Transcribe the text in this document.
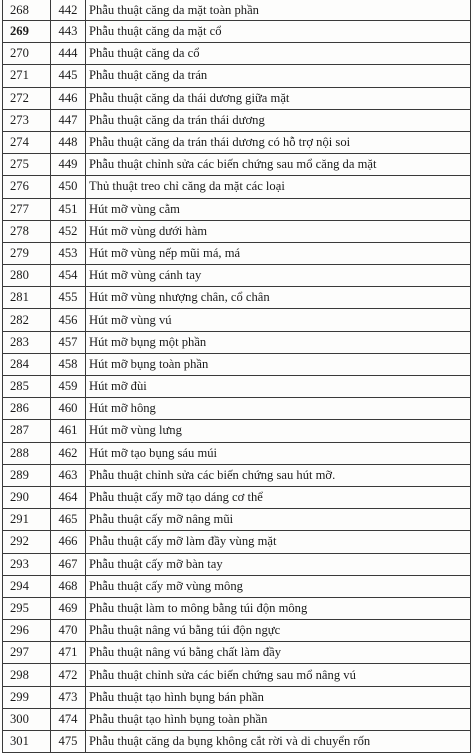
268	442	Phẫu thuật căng da mặt toàn phần
269	443	Phẫu thuật căng da mặt cổ
270	444	Phẫu thuật căng da cổ
271	445	Phẫu thuật căng da trán
272	446	Phẫu thuật căng da thái dương giữa mặt
273	447	Phẫu thuật căng da trán thái dương
274	448	Phẫu thuật căng da trán thái dương có hỗ trợ nội soi
275	449	Phẫu thuật chỉnh sửa các biến chứng sau mổ căng da mặt
276	450	Thủ thuật treo chỉ căng da mặt các loại
277	451	Hút mỡ vùng cằm
278	452	Hút mỡ vùng dưới hàm
279	453	Hút mỡ vùng nếp mũi má, má
280	454	Hút mỡ vùng cánh tay
281	455	Hút mỡ vùng nhượng chân, cổ chân
282	456	Hút mỡ vùng vú
283	457	Hút mỡ bụng một phần
284	458	Hút mỡ bụng toàn phần
285	459	Hút mỡ đùi
286	460	Hút mỡ hông
287	461	Hút mỡ vùng lưng
288	462	Hút mỡ tạo bụng sáu múi
289	463	Phẫu thuật chỉnh sửa các biến chứng sau hút mỡ.
290	464	Phẫu thuật cấy mỡ tạo dáng cơ thể
291	465	Phẫu thuật cấy mỡ nâng mũi
292	466	Phẫu thuật cấy mỡ làm đầy vùng mặt
293	467	Phẫu thuật cấy mỡ bàn tay
294	468	Phẫu thuật cấy mỡ vùng mông
295	469	Phẫu thuật làm to mông bằng túi độn mông
296	470	Phẫu thuật nâng vú bằng túi độn ngực
297	471	Phẫu thuật nâng vú bằng chất làm đầy
298	472	Phẫu thuật chỉnh sửa các biến chứng sau mổ nâng vú
299	473	Phẫu thuật tạo hình bụng bán phần
300	474	Phẫu thuật tạo hình bụng toàn phần
301	475	Phẫu thuật căng da bụng không cắt rời và di chuyển rốn
